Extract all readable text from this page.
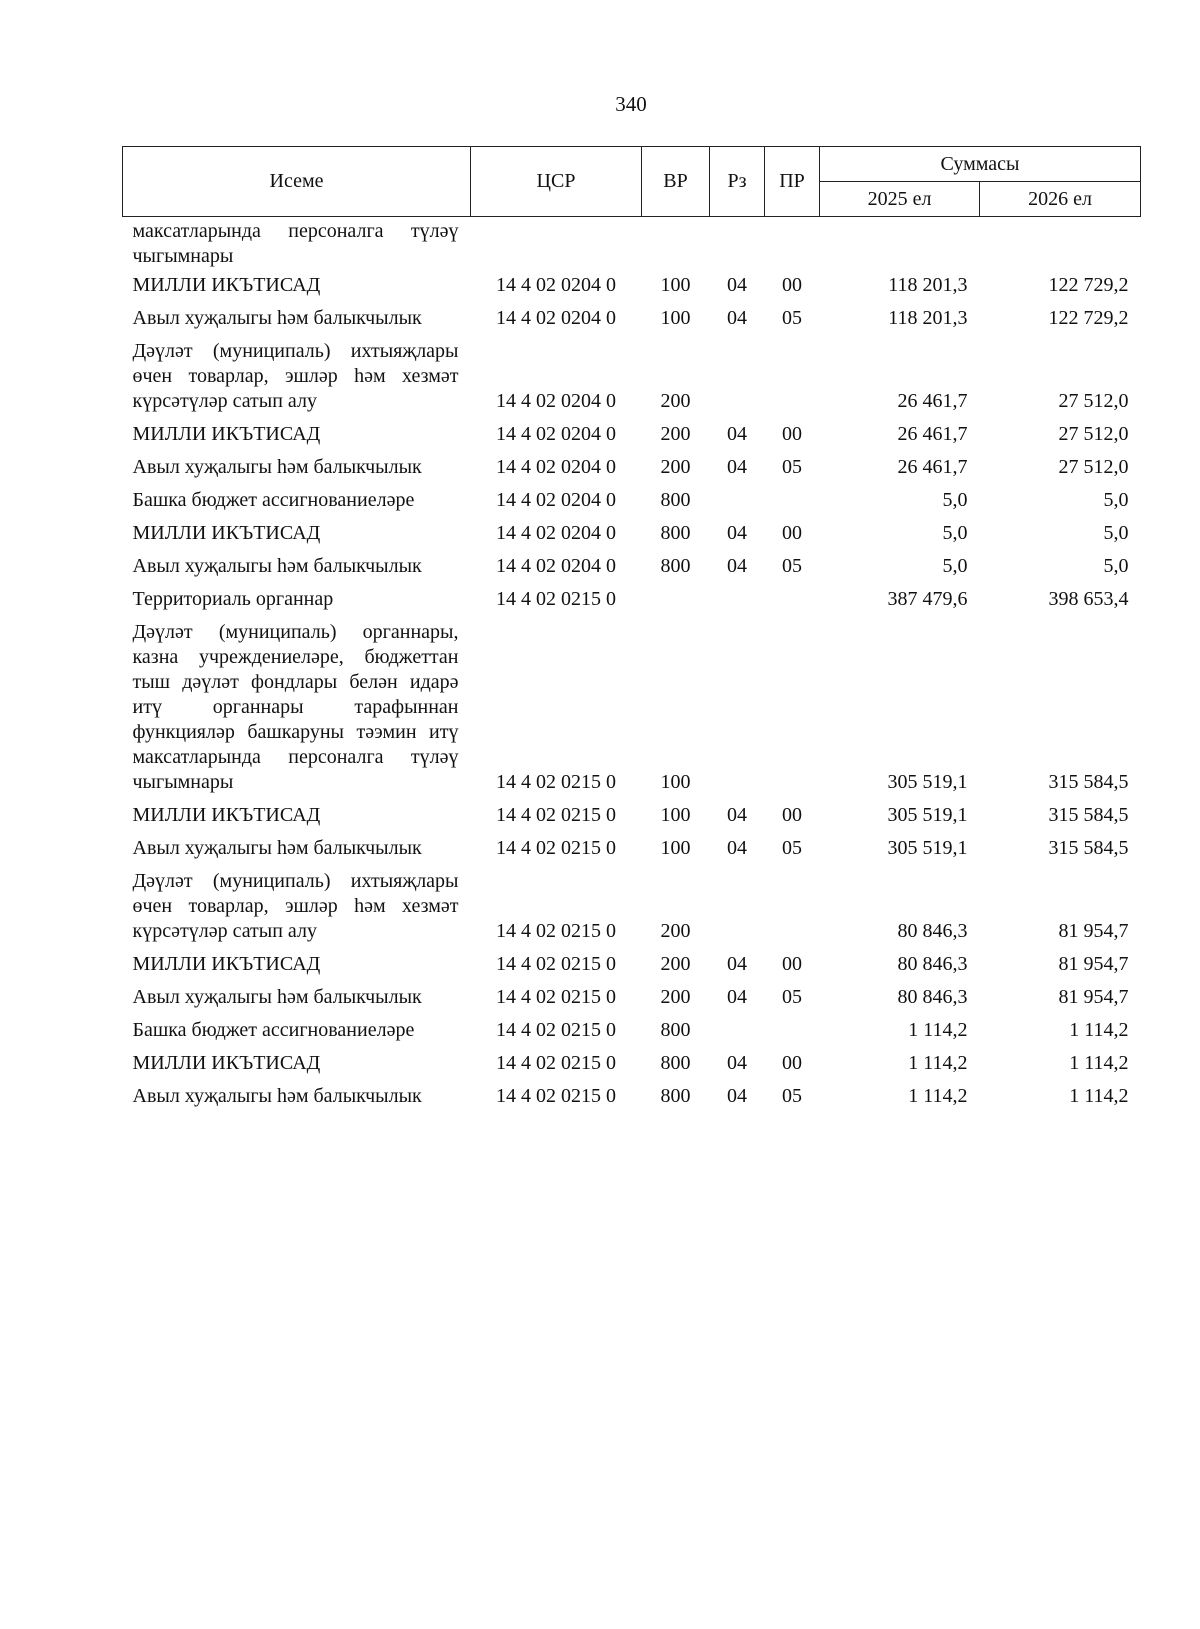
340
Исеме	ЦСР	ВР	Рз	ПР	Суммасы	
					2025 ел	2026 ел
максатларында персоналга түләү чыгымнары						
МИЛЛИ ИКЪТИСАД	14 4 02 0204 0	100	04	00	118 201,3	122 729,2
Авыл хуҗалыгы һәм балыкчылык	14 4 02 0204 0	100	04	05	118 201,3	122 729,2
Дәүләт (муниципаль) ихтыяҗлары өчен товарлар, эшләр һәм хезмәт күрсәтүләр сатып алу	14 4 02 0204 0	200			26 461,7	27 512,0
МИЛЛИ ИКЪТИСАД	14 4 02 0204 0	200	04	00	26 461,7	27 512,0
Авыл хуҗалыгы һәм балыкчылык	14 4 02 0204 0	200	04	05	26 461,7	27 512,0
Башка бюджет ассигнованиеләре	14 4 02 0204 0	800			5,0	5,0
МИЛЛИ ИКЪТИСАД	14 4 02 0204 0	800	04	00	5,0	5,0
Авыл хуҗалыгы һәм балыкчылык	14 4 02 0204 0	800	04	05	5,0	5,0
Территориаль органнар	14 4 02 0215 0				387 479,6	398 653,4
Дәүләт (муниципаль) органнары, казна учреждениеләре, бюджеттан тыш дәүләт фондлары белән идарә итү органнары тарафыннан функцияләр башкаруны тәэмин итү максатларында персоналга түләү чыгымнары	14 4 02 0215 0	100			305 519,1	315 584,5
МИЛЛИ ИКЪТИСАД	14 4 02 0215 0	100	04	00	305 519,1	315 584,5
Авыл хуҗалыгы һәм балыкчылык	14 4 02 0215 0	100	04	05	305 519,1	315 584,5
Дәүләт (муниципаль) ихтыяҗлары өчен товарлар, эшләр һәм хезмәт күрсәтүләр сатып алу	14 4 02 0215 0	200			80 846,3	81 954,7
МИЛЛИ ИКЪТИСАД	14 4 02 0215 0	200	04	00	80 846,3	81 954,7
Авыл хуҗалыгы һәм балыкчылык	14 4 02 0215 0	200	04	05	80 846,3	81 954,7
Башка бюджет ассигнованиеләре	14 4 02 0215 0	800			1 114,2	1 114,2
МИЛЛИ ИКЪТИСАД	14 4 02 0215 0	800	04	00	1 114,2	1 114,2
Авыл хуҗалыгы һәм балыкчылык	14 4 02 0215 0	800	04	05	1 114,2	1 114,2
